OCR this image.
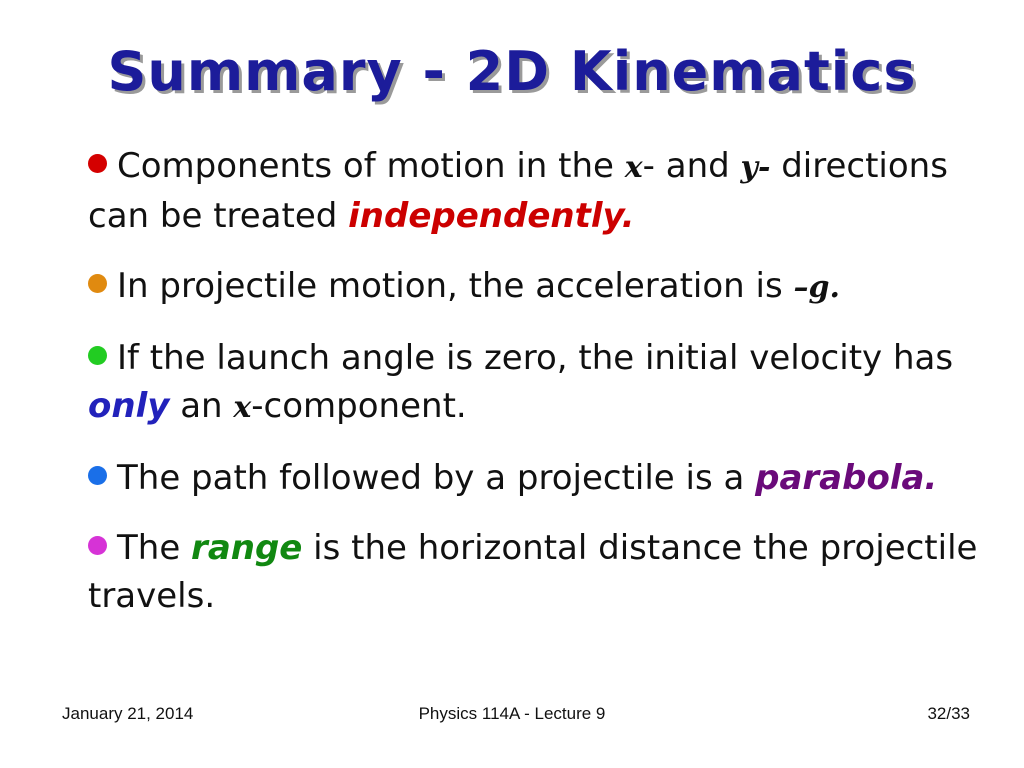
Summary - 2D Kinematics
Components of motion in the x- and y- directions can be treated independently.
In projectile motion, the acceleration is –g.
If the launch angle is zero, the initial velocity has only an x-component.
The path followed by a projectile is a parabola.
The range is the horizontal distance the projectile travels.
January 21, 2014	Physics 114A - Lecture 9	32/33
